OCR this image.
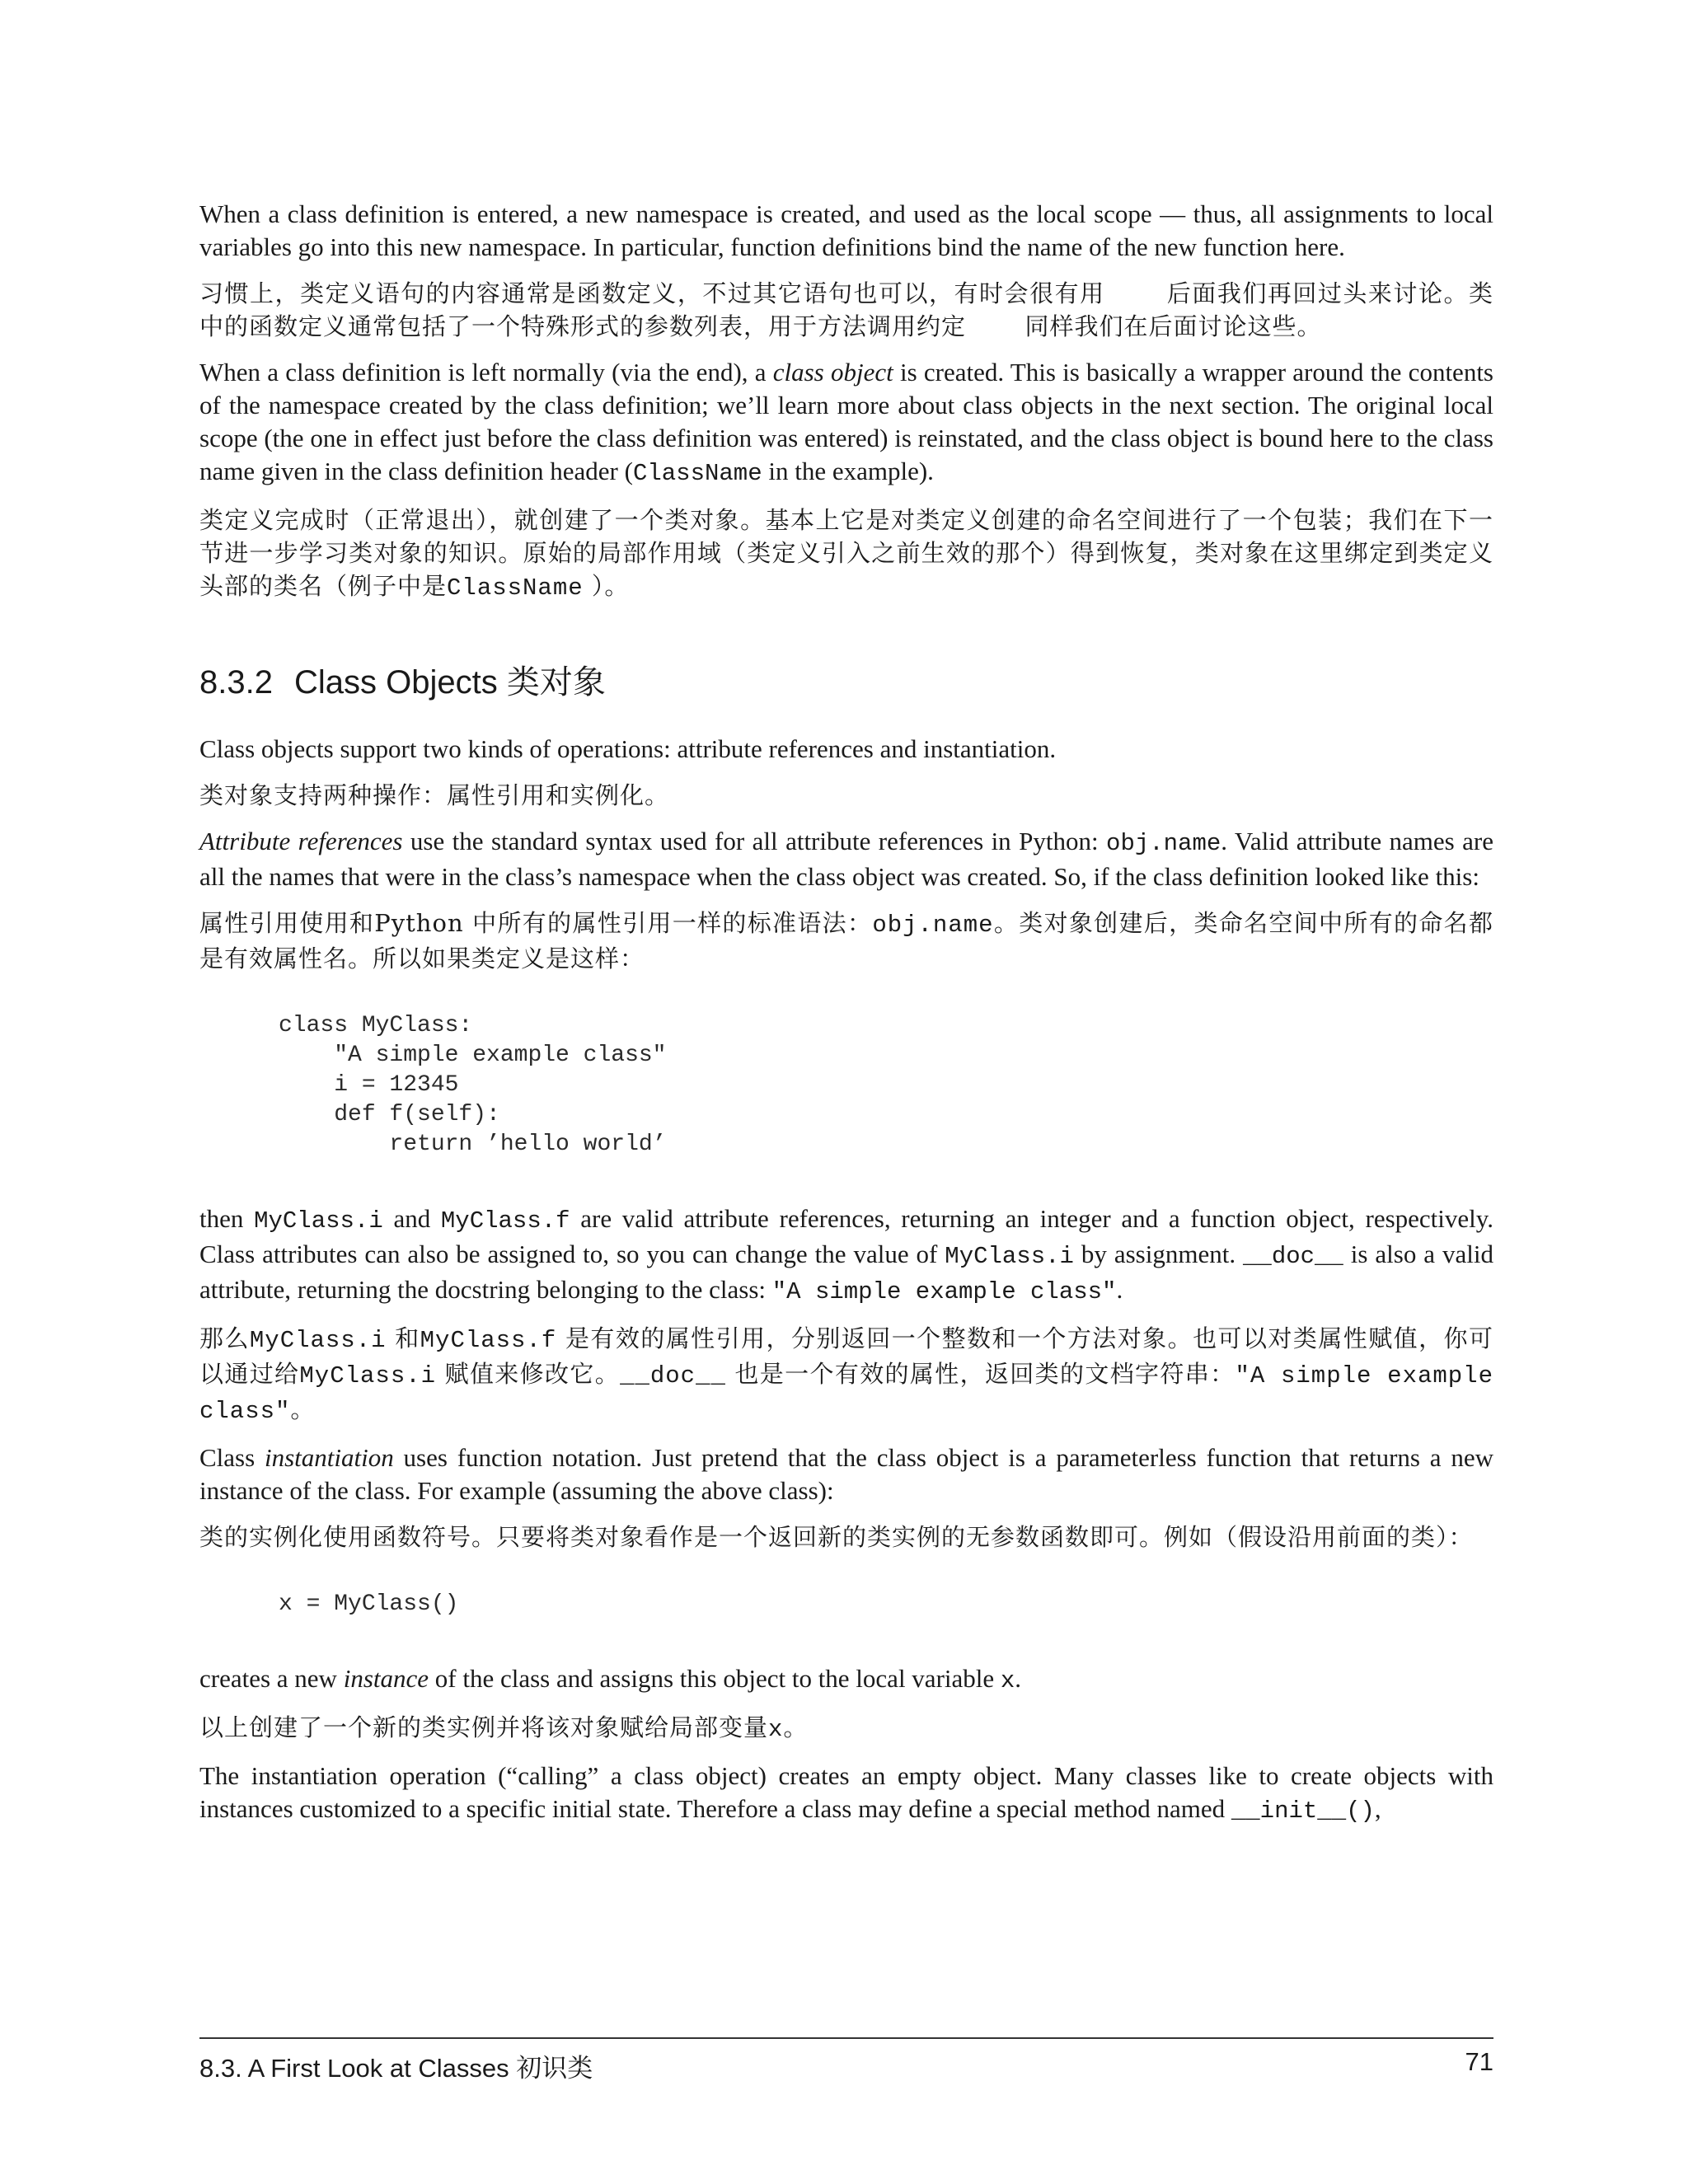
When a class definition is entered, a new namespace is created, and used as the local scope — thus, all assignments to local variables go into this new namespace. In particular, function definitions bind the name of the new function here.

习惯上，类定义语句的内容通常是函数定义，不过其它语句也可以，有时会很有用	后面我们再回过头来讨论。类中的函数定义通常包括了一个特殊形式的参数列表，用于方法调用约定 同样我们在后面讨论这些。

When a class definition is left normally (via the end), a class object is created. This is basically a wrapper around the contents of the namespace created by the class definition; we’ll learn more about class objects in the next section. The original local scope (the one in effect just before the class definition was entered) is reinstated, and the class object is bound here to the class name given in the class definition header (ClassName in the example).

类定义完成时（正常退出），就创建了一个类对象。基本上它是对类定义创建的命名空间进行了一个包装；我们在下一节进一步学习类对象的知识。原始的局部作用域（类定义引入之前生效的那个）得到恢复，类对象在这里绑定到类定义头部的类名（例子中是ClassName ）。

8.3.2 Class Objects 类对象

Class objects support two kinds of operations: attribute references and instantiation.

类对象支持两种操作：属性引用和实例化。

Attribute references use the standard syntax used for all attribute references in Python: obj.name. Valid attribute names are all the names that were in the class’s namespace when the class object was created. So, if the class definition looked like this:

属性引用使用和Python 中所有的属性引用一样的标准语法：obj.name。类对象创建后，类命名空间中所有的命名都是有效属性名。所以如果类定义是这样：

class MyClass:
"A simple example class"
i = 12345
def f(self):
return ’hello world’

then MyClass.i and MyClass.f are valid attribute references, returning an integer and a function object, respectively. Class attributes can also be assigned to, so you can change the value of MyClass.i by assignment. __doc__ is also a valid attribute, returning the docstring belonging to the class: "A simple example class".

那么MyClass.i 和MyClass.f 是有效的属性引用，分别返回一个整数和一个方法对象。也可以对类属性赋值，你可以通过给MyClass.i 赋值来修改它。__doc__ 也是一个有效的属性，返回类的文档字符串："A simple example class"。

Class instantiation uses function notation. Just pretend that the class object is a parameterless function that returns a new instance of the class. For example (assuming the above class):

类的实例化使用函数符号。只要将类对象看作是一个返回新的类实例的无参数函数即可。例如（假设沿用前面的类）：

x = MyClass()

creates a new instance of the class and assigns this object to the local variable x.

以上创建了一个新的类实例并将该对象赋给局部变量x。

The instantiation operation (“calling” a class object) creates an empty object. Many classes like to create objects with instances customized to a specific initial state. Therefore a class may define a special method named __init__(),

8.3. A First Look at Classes 初识类	71
